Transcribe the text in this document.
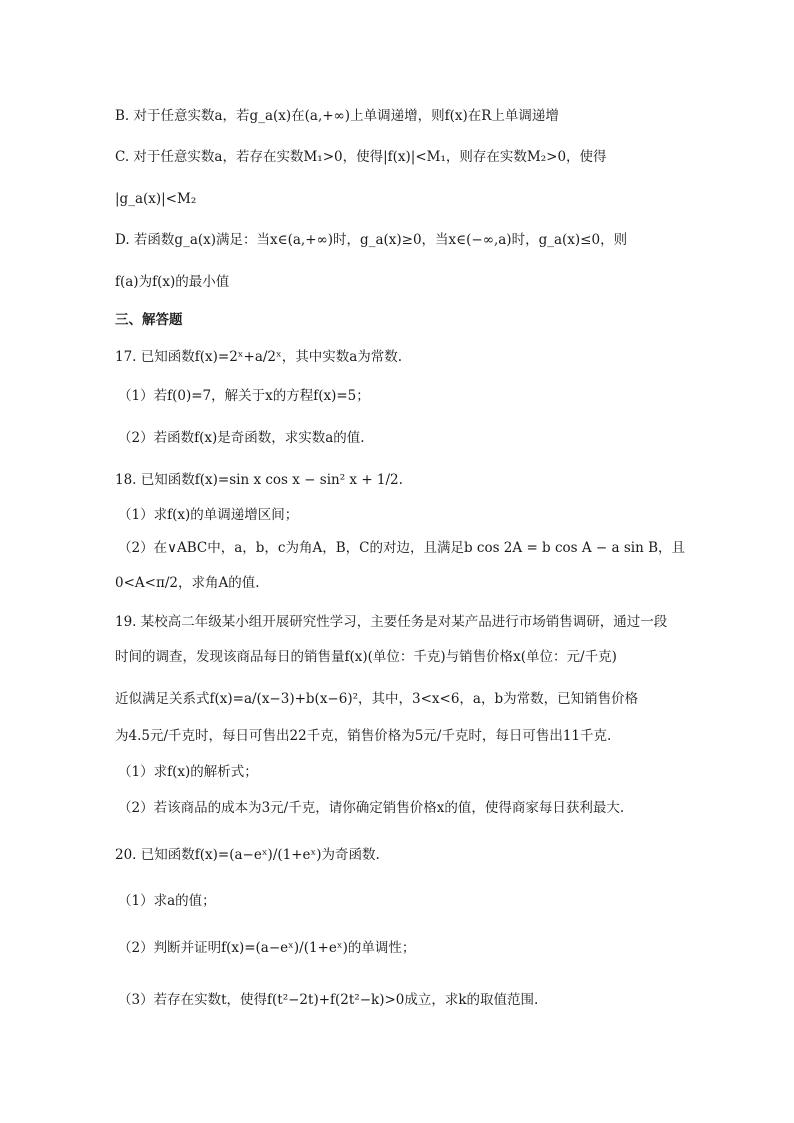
B. 对于任意实数a，若g_a(x)在(a,+∞)上单调递增，则f(x)在R上单调递增
C. 对于任意实数a，若存在实数M₁>0，使得|f(x)|<M₁，则存在实数M₂>0，使得
|g_a(x)|<M₂
D. 若函数g_a(x)满足：当x∈(a,+∞)时，g_a(x)≥0，当x∈(−∞,a)时，g_a(x)≤0，则
f(a)为f(x)的最小值
三、解答题
17. 已知函数f(x)=2ˣ+a/2ˣ，其中实数a为常数.
（1）若f(0)=7，解关于x的方程f(x)=5；
（2）若函数f(x)是奇函数，求实数a的值.
18. 已知函数f(x)=sin x cos x − sin² x + 1/2.
（1）求f(x)的单调递增区间；
（2）在∨ABC中，a，b，c为角A，B，C的对边，且满足b cos 2A = b cos A − a sin B，且
0<A<π/2，求角A的值.
19. 某校高二年级某小组开展研究性学习，主要任务是对某产品进行市场销售调研，通过一段
时间的调查，发现该商品每日的销售量f(x)(单位：千克)与销售价格x(单位：元/千克)
近似满足关系式f(x)=a/(x−3)+b(x−6)²，其中，3<x<6，a，b为常数，已知销售价格
为4.5元/千克时，每日可售出22千克，销售价格为5元/千克时，每日可售出11千克.
（1）求f(x)的解析式；
（2）若该商品的成本为3元/千克，请你确定销售价格x的值，使得商家每日获利最大.
20. 已知函数f(x)=(a−eˣ)/(1+eˣ)为奇函数.
（1）求a的值；
（2）判断并证明f(x)=(a−eˣ)/(1+eˣ)的单调性；
（3）若存在实数t，使得f(t²−2t)+f(2t²−k)>0成立，求k的取值范围.
